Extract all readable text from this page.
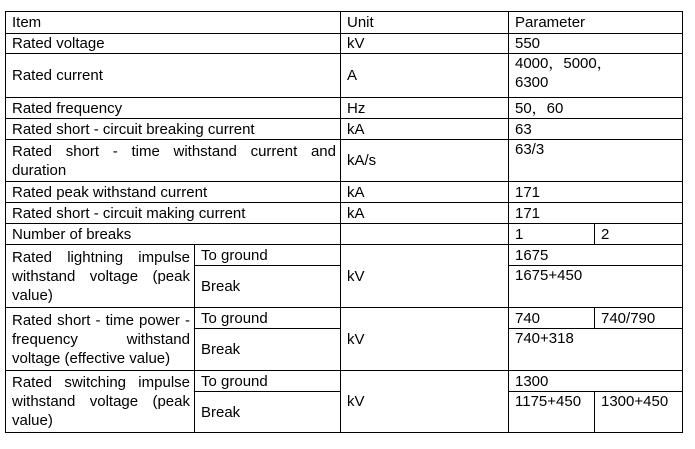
Item		Unit	Parameter	
Rated voltage		kV	550	
Rated current		A	4000，5000，6300	

Rated frequency		Hz	50，60	
Rated short - circuit breaking current		kA	63	
Rated short - time withstand current and duration		kA/s	63/3	
Rated peak withstand current		kA	171	
Rated short - circuit making current		kA	171	
Number of breaks			1	2
Rated lightning impulse withstand voltage (peak value)	To ground	kV	1675	
	Break		1675+450	
Rated short - time power - frequency withstand voltage (effective value)	To ground	kV	740	740/790
	Break		740+318	
Rated switching impulse withstand voltage (peak value)	To ground	kV	1300	
	Break		1175+450	1300+450
